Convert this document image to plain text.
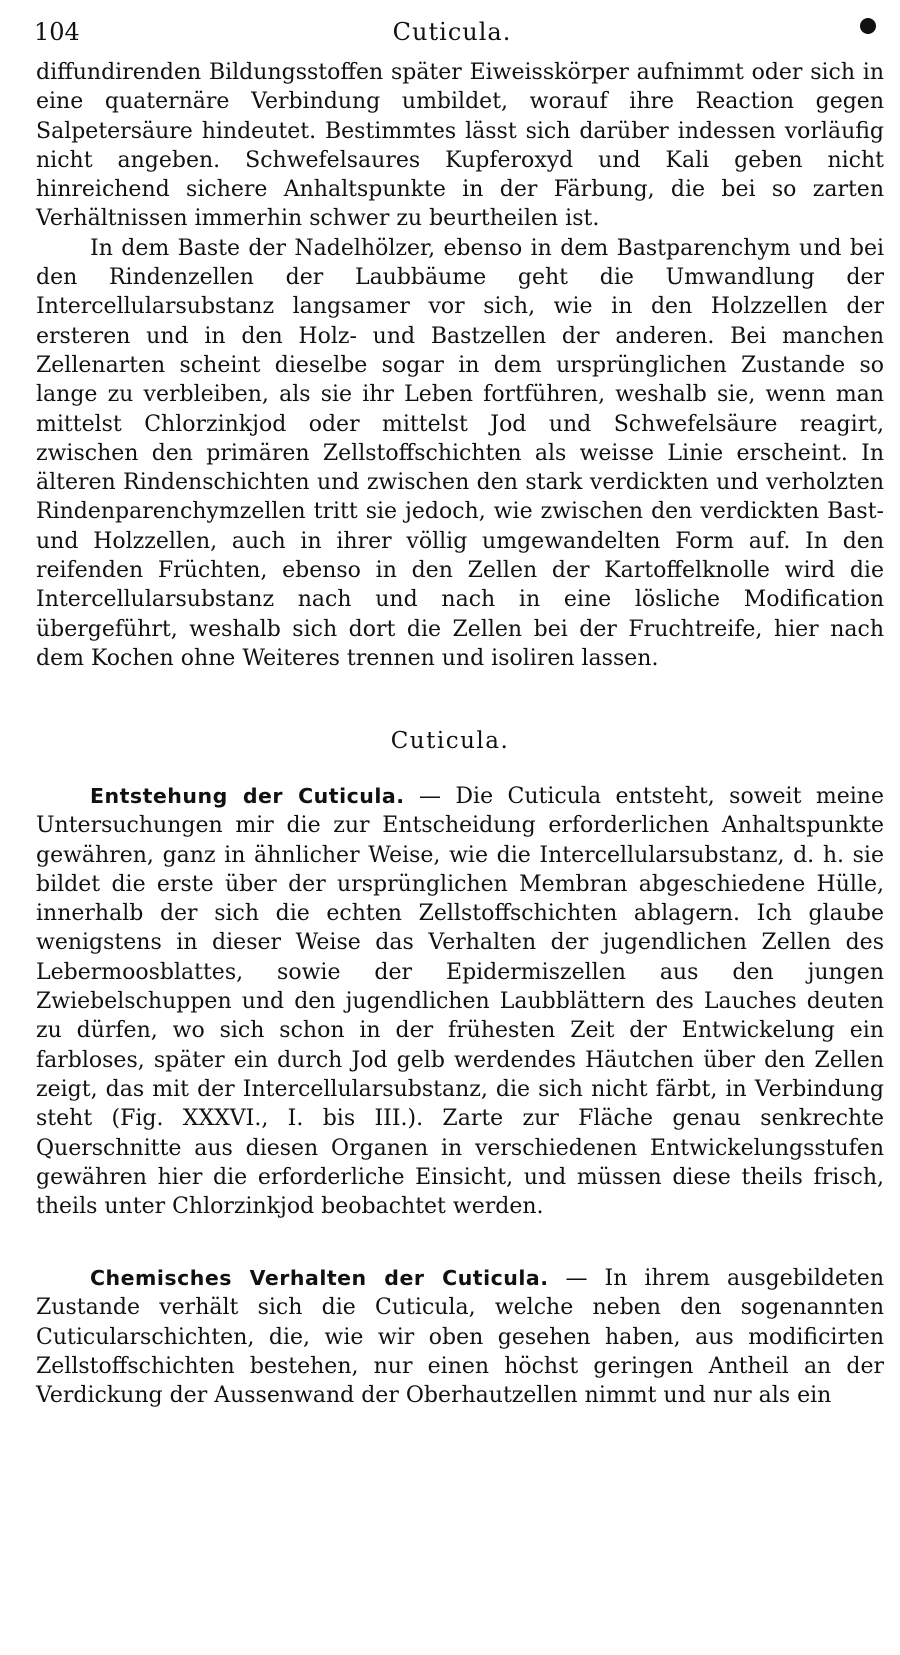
104	Cuticula.

diffundirenden Bildungsstoffen später Eiweisskörper aufnimmt oder sich in eine quaternäre Verbindung umbildet, worauf ihre Reaction gegen Salpetersäure hindeutet. Bestimmtes lässt sich darüber indessen vorläufig nicht angeben. Schwefelsaures Kupferoxyd und Kali geben nicht hinreichend sichere Anhaltspunkte in der Färbung, die bei so zarten Verhältnissen immerhin schwer zu beurtheilen ist.

In dem Baste der Nadelhölzer, ebenso in dem Bastparenchym und bei den Rindenzellen der Laubbäume geht die Umwandlung der Intercellularsubstanz langsamer vor sich, wie in den Holzzellen der ersteren und in den Holz- und Bastzellen der anderen. Bei manchen Zellenarten scheint dieselbe sogar in dem ursprünglichen Zustande so lange zu verbleiben, als sie ihr Leben fortführen, weshalb sie, wenn man mittelst Chlorzinkjod oder mittelst Jod und Schwefelsäure reagirt, zwischen den primären Zellstoffschichten als weisse Linie erscheint. In älteren Rindenschichten und zwischen den stark verdickten und verholzten Rindenparenchymzellen tritt sie jedoch, wie zwischen den verdickten Bast- und Holzzellen, auch in ihrer völlig umgewandelten Form auf. In den reifenden Früchten, ebenso in den Zellen der Kartoffelknolle wird die Intercellularsubstanz nach und nach in eine lösliche Modification übergeführt, weshalb sich dort die Zellen bei der Fruchtreife, hier nach dem Kochen ohne Weiteres trennen und isoliren lassen.

Cuticula.

Entstehung der Cuticula. — Die Cuticula entsteht, soweit meine Untersuchungen mir die zur Entscheidung erforderlichen Anhaltspunkte gewähren, ganz in ähnlicher Weise, wie die Intercellularsubstanz, d. h. sie bildet die erste über der ursprünglichen Membran abgeschiedene Hülle, innerhalb der sich die echten Zellstoffschichten ablagern. Ich glaube wenigstens in dieser Weise das Verhalten der jugendlichen Zellen des Lebermoosblattes, sowie der Epidermiszellen aus den jungen Zwiebelschuppen und den jugendlichen Laubblättern des Lauches deuten zu dürfen, wo sich schon in der frühesten Zeit der Entwickelung ein farbloses, später ein durch Jod gelb werdendes Häutchen über den Zellen zeigt, das mit der Intercellularsubstanz, die sich nicht färbt, in Verbindung steht (Fig. XXXVI., I. bis III.). Zarte zur Fläche genau senkrechte Querschnitte aus diesen Organen in verschiedenen Entwickelungsstufen gewähren hier die erforderliche Einsicht, und müssen diese theils frisch, theils unter Chlorzinkjod beobachtet werden.

Chemisches Verhalten der Cuticula. — In ihrem ausgebildeten Zustande verhält sich die Cuticula, welche neben den sogenannten Cuticularschichten, die, wie wir oben gesehen haben, aus modificirten Zellstoffschichten bestehen, nur einen höchst geringen Antheil an der Verdickung der Aussenwand der Oberhautzellen nimmt und nur als ein
